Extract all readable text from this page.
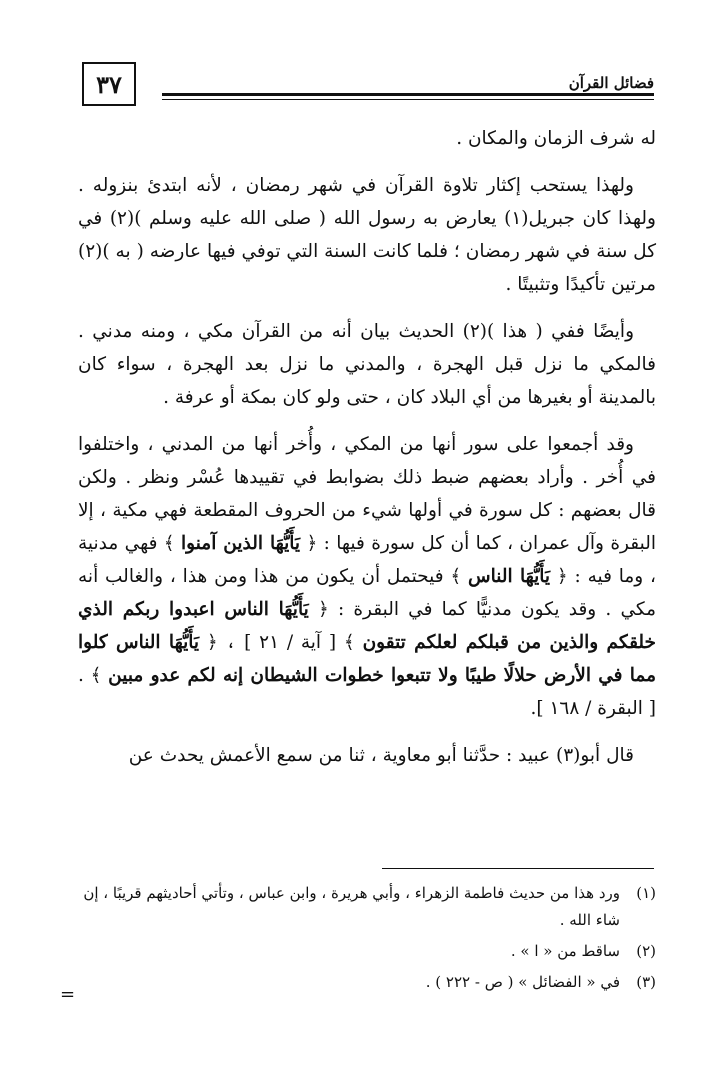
٣٧	فضائل القرآن

له شرف الزمان والمكان .

ولهذا يستحب إكثار تلاوة القرآن في شهر رمضان ، لأنه ابتدئ بنزوله . ولهذا كان جبريل(١) يعارض به رسول الله ( صلى الله عليه وسلم )(٢) في كل سنة في شهر رمضان ؛ فلما كانت السنة التي توفي فيها عارضه ( به )(٢) مرتين تأكيدًا وتثبيتًا .

وأيضًا ففي ( هذا )(٢) الحديث بيان أنه من القرآن مكي ، ومنه مدني . فالمكي ما نزل قبل الهجرة ، والمدني ما نزل بعد الهجرة ، سواء كان بالمدينة أو بغيرها من أي البلاد كان ، حتى ولو كان بمكة أو عرفة .

وقد أجمعوا على سور أنها من المكي ، وأُخر أنها من المدني ، واختلفوا في أُخر . وأراد بعضهم ضبط ذلك بضوابط في تقييدها عُسْر ونظر . ولكن قال بعضهم : كل سورة في أولها شيء من الحروف المقطعة فهي مكية ، إلا البقرة وآل عمران ، كما أن كل سورة فيها : ﴿ يَأَيُّهَا الذين آمنوا ﴾ فهي مدنية ، وما فيه : ﴿ يَأَيُّهَا الناس ﴾ فيحتمل أن يكون من هذا ومن هذا ، والغالب أنه مكي . وقد يكون مدنيًّا كما في البقرة : ﴿ يَأَيُّهَا الناس اعبدوا ربكم الذي خلقكم والذين من قبلكم لعلكم تتقون ﴾ [ آية / ٢١ ] ، ﴿ يَأَيُّهَا الناس كلوا مما في الأرض حلالًا طيبًا ولا تتبعوا خطوات الشيطان إنه لكم عدو مبين ﴾ . [ البقرة / ١٦٨ ].

قال أبو(٣) عبيد : حدَّثنا أبو معاوية ، ثنا من سمع الأعمش يحدث عن

(١)
ورد هذا من حديث فاطمة الزهراء ، وأبي هريرة ، وابن عباس ، وتأتي أحاديثهم قريبًا ، إن شاء الله .
(٢)
ساقط من « ا » .
(٣)
في « الفضائل » ( ص - ٢٢٢ ) .
=
